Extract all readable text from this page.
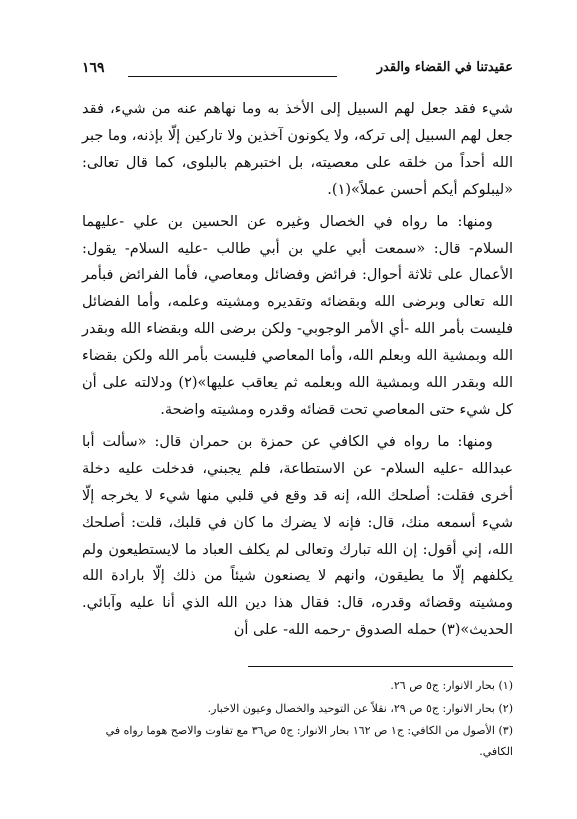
عقيدتنا في القضاء والقدر
١٦٩

شيء فقد جعل لهم السبيل إلى الأخذ به وما نهاهم عنه من شيء، فقد جعل لهم السبيل إلى تركه، ولا يكونون آخذين ولا تاركين إلّا بإذنه، وما جبر الله أحداً من خلقه على معصيته، بل اختبرهم بالبلوى، كما قال تعالى: «ليبلوكم أيكم أحسن عملاً»(١).

ومنها: ما رواه في الخصال وغيره عن الحسين بن علي -عليهما السلام- قال: «سمعت أبي علي بن أبي طالب -عليه السلام- يقول: الأعمال على ثلاثة أحوال: فرائض وفضائل ومعاصي، فأما الفرائض فبأمر الله تعالى وبرضى الله وبقضائه وتقديره ومشيته وعلمه، وأما الفضائل فليست بأمر الله -أي الأمر الوجوبي- ولكن برضى الله وبقضاء الله وبقدر الله وبمشية الله وبعلم الله، وأما المعاصي فليست بأمر الله ولكن بقضاء الله وبقدر الله وبمشية الله وبعلمه ثم يعاقب عليها»(٢) ودلالته على أن كل شيء حتى المعاصي تحت قضائه وقدره ومشيته واضحة.

ومنها: ما رواه في الكافي عن حمزة بن حمران قال: «سألت أبا عبدالله -عليه السلام- عن الاستطاعة، فلم يجبني، فدخلت عليه دخلة أخرى فقلت: أصلحك الله، إنه قد وقع في قلبي منها شيء لا يخرجه إلّا شيء أسمعه منك، قال: فإنه لا يضرك ما كان في قلبك، قلت: أصلحك الله، إني أقول: إن الله تبارك وتعالى لم يكلف العباد ما لايستطيعون ولم يكلفهم إلّا ما يطيقون، وانهم لا يصنعون شيئاً من ذلك إلّا بارادة الله ومشيته وقضائه وقدره، قال: فقال هذا دين الله الذي أنا عليه وآبائي. الحديث»(٣) حمله الصدوق -رحمه الله- على أن

(١) بحار الانوار: ج٥ ص ٢٦.

(٢) بحار الانوار: ج٥ ص ٢٩، نقلاً عن التوحيد والخصال وعيون الاخبار.

(٣) الأصول من الكافي: ج١ ص ١٦٢ بحار الانوار: ج٥ ص٣٦ مع تفاوت والاصح هوما رواه في الكافي.
